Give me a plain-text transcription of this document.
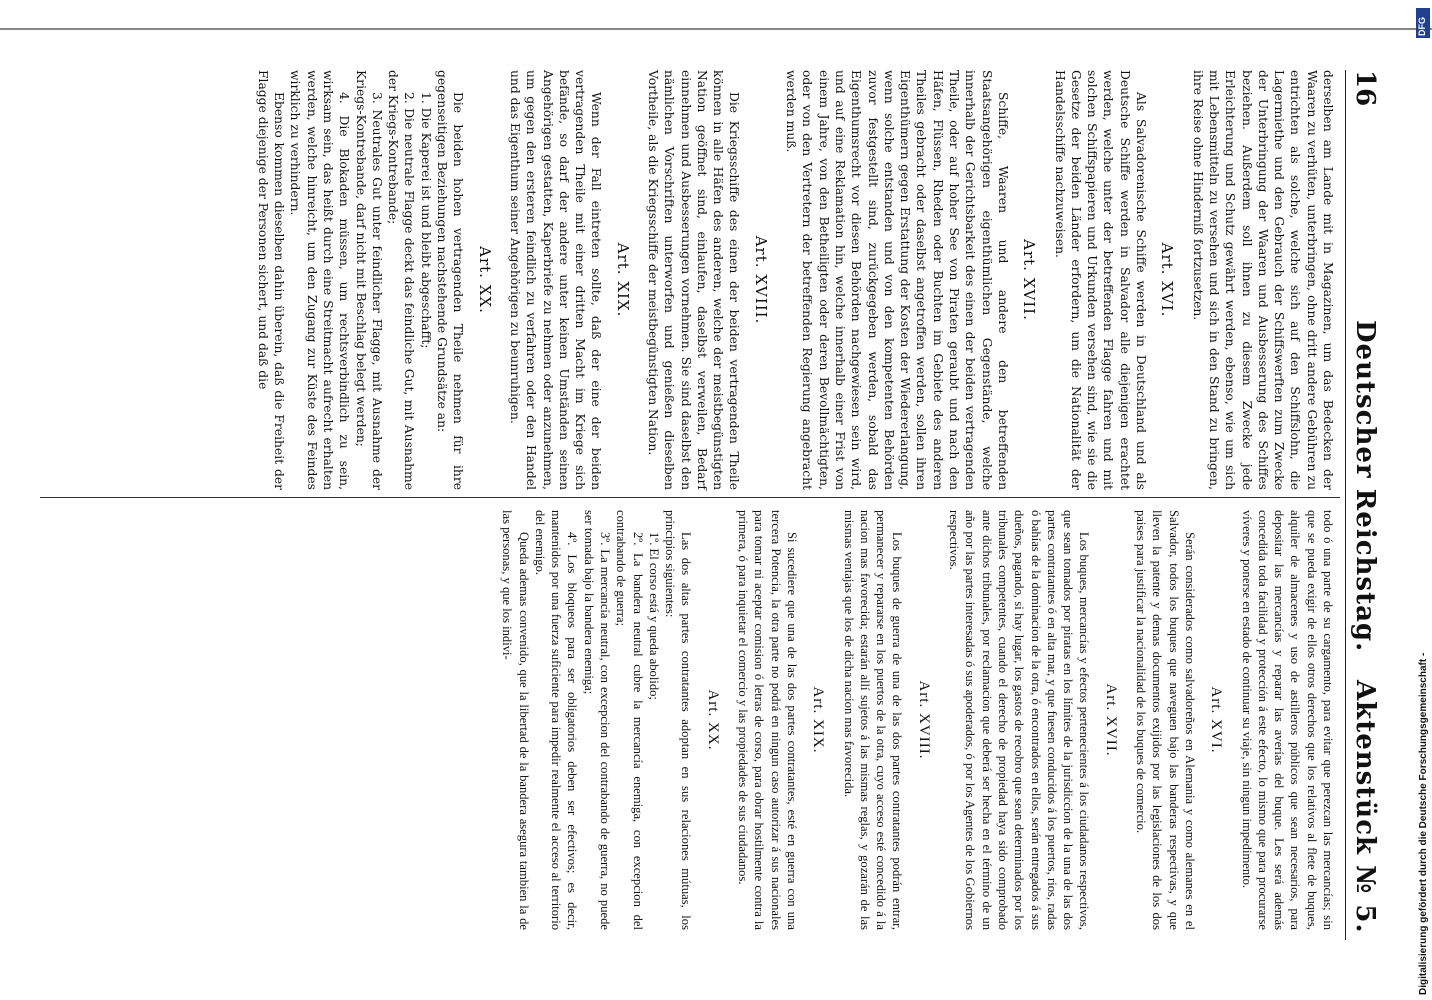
16
Deutscher Reichstag.
Aktenstück № 5.

derselben am Lande mit in Magazinen, um das Bedecken der Waaren zu verhüten, unterbringen, ohne dritt andere Gebühren zu entrichten als solche, welche sich auf den Schiffslohn, die Lagermiethe und den Gebrauch der Schiffswerften zum Zwecke der Unterbringung der Waaren und Ausbesserung des Schiffes beziehen. Außerdem soll ihnen zu diesem Zwecke jede Erleichterung und Schutz gewährt werden, ebenso, wie um sich mit Lebensmitteln zu versehen und sich in den Stand zu bringen, ihre Reise ohne Hinderniß fortzusetzen.

Art. XVI.

Als Salvadorenische Schiffe werden in Deutschland und als Deutsche Schiffe werden in Salvador alle diejenigen erachtet werden, welche unter der betreffenden Flagge fahren und mit solchen Schiffspapieren und Urkunden versehen sind, wie sie die Gesetze der beiden Länder erfordern, um die Nationalität der Handelsschiffe nachzuweisen.

Art. XVII.

Schiffe, Waaren und andere den betreffenden Staatsangehörigen eigenthümlichen Gegenstände, welche innerhalb der Gerichtsbarkeit des einen der beiden vertragenden Theile, oder auf hoher See von Piraten geraubt und nach den Häfen, Flüssen, Rheden oder Buchten im Gebiete des anderen Theiles gebracht oder daselbst angetroffen werden, sollen ihren Eigenthümern gegen Erstattung der Kosten der Wiedererlangung, wenn solche entstanden und von den kompetenten Behörden zuvor festgestellt sind, zurückgegeben werden, sobald das Eigenthumsrecht vor diesen Behörden nachgewiesen sein wird, und auf eine Reklamation hin, welche innerhalb einer Frist von einem Jahre, von den Betheiligten oder deren Bevollmächtigten, oder von den Vertretern der betreffenden Regierung angebracht werden muß.

Art. XVIII.

Die Kriegsschiffe des einen der beiden vertragenden Theile können in alle Häfen des anderen, welche der meistbegünstigten Nation geöffnet sind, einlaufen, daselbst verweilen, Bedarf einnehmen und Ausbesserungen vornehmen. Sie sind daselbst den nämlichen Vorschriften unterworfen und genießen dieselben Vortheile, als die Kriegsschiffe der meistbegünstigten Nation.

Art. XIX.

Wenn der Fall eintreten sollte, daß der eine der beiden vertragenden Theile mit einer dritten Macht im Kriege sich befände, so darf der andere unter keinen Umständen seinen Angehörigen gestatten, Kaperbriefe zu nehmen oder anzunehmen, um gegen den ersteren feindlich zu verfahren oder den Handel und das Eigenthum seiner Angehörigen zu beunruhigen.

Art. XX.

Die beiden hohen vertragenden Theile nehmen für ihre gegenseitigen Beziehungen nachstehende Grundsätze an:

1. Die Kaperei ist und bleibt abgeschafft;

2. Die neutrale Flagge deckt das feindliche Gut, mit Ausnahme der Kriegs-Kontrebande;

3. Neutrales Gut unter feindlicher Flagge, mit Ausnahme der Kriegs-Kontrebande, darf nicht mit Beschlag belegt werden;

4. Die Blokaden müssen, um rechtsverbindlich zu sein, wirksam sein, das heißt durch eine Streitmacht aufrecht erhalten werden, welche hinreicht, um den Zugang zur Küste des Feindes wirklich zu verhindern.

Ebenso kommen dieselben dahin überein, daß die Freiheit der Flagge diejenige der Personen sichert, und daß die

todo ó una parte de su cargamento, para evitar que perezcan las mercancías; sin que se pueda exigir de ellos otros derechos que los relativos al flete de buques, alquiler de almacenes y uso de astilleros públicos que sean necesarios, para depositar las mercancías y reparar las averías del buque. Les será además concedida toda facilidad y protección á este efecto, lo mismo que para procurarse víveres y ponerse en estado de continuar su viaje, sin ningun impedimento.

Art. XVI.

Serán considerados como salvadoreños en Alemania y como alemanes en el Salvador, todos los buques que naveguen bajo las banderas respectivas, y que lleven la patente y demas documentos exijidos por las legislaciones de los dos paises para justificar la nacionalidad de los buques de comercio.

Art. XVII.

Los buques, mercancías y efectos pertenecientes á los ciudadanos respectivos, que sean tomados por piratas en los límites de la jurisdiccion de la una de las dos partes contratantes ó en alta mar, y que fuesen conducidos á los puertos, rios, radas ó bahías de la dominacion de la otra, ó encontrados en ellos, serán entregados á sus dueños, pagando, si hay lugar, los gastos de recobro que sean determinados por los tribunales competentes, cuando el derecho de propiedad haya sido comprobado ante dichos tribunales, por reclamacion que deberá ser hecha en el término de un año por las partes interesadas ó sus apoderados, ó por los Agentes de los Gobiernos respectivos.

Art. XVIII.

Los buques de guerra de una de las dos partes contratantes podrán entrar, permanecer y repararse en los puertos de la otra, cuyo acceso esté concedido á la nacion mas favorecida; estarán allí sujetos á las mismas reglas, y gozarán de las mismas ventajas que los de dicha nacion mas favorecida.

Art. XIX.

Si sucediere que una de las dos partes contratantes, esté en guerra con una tercera Potencia, la otra parte no podrá en ningun caso autorizar á sus nacionales para tomar ni aceptar comision ó letras de corso, para obrar hostilmente contra la primera, ó para inquietar el comercio y las propiedades de sus ciudadanos.

Art. XX.

Las dos altas partes contratantes adoptan en sus relaciones mútuas, los principios siguientes:

1º. El corso está y queda abolido;

2º. La bandera neutral cubre la mercancía enemiga, con excepcion del contrabando de guerra;

3º. La mercancía neutral, con excepcion del contrabando de guerra, no puede ser tomada bajo la bandera enemiga;

4º. Los bloqueos para ser obligatorios deben ser efectivos; es decir, mantenidos por una fuerza suficiente para impedir realmente el acceso al territorio del enemigo.

Queda ademas convenido, que la libertad de la bandera asegura tambien la de las personas, y que los indivi-

DFG
Digitalisierung gefördert durch die Deutsche Forschungsgemeinschaft -
